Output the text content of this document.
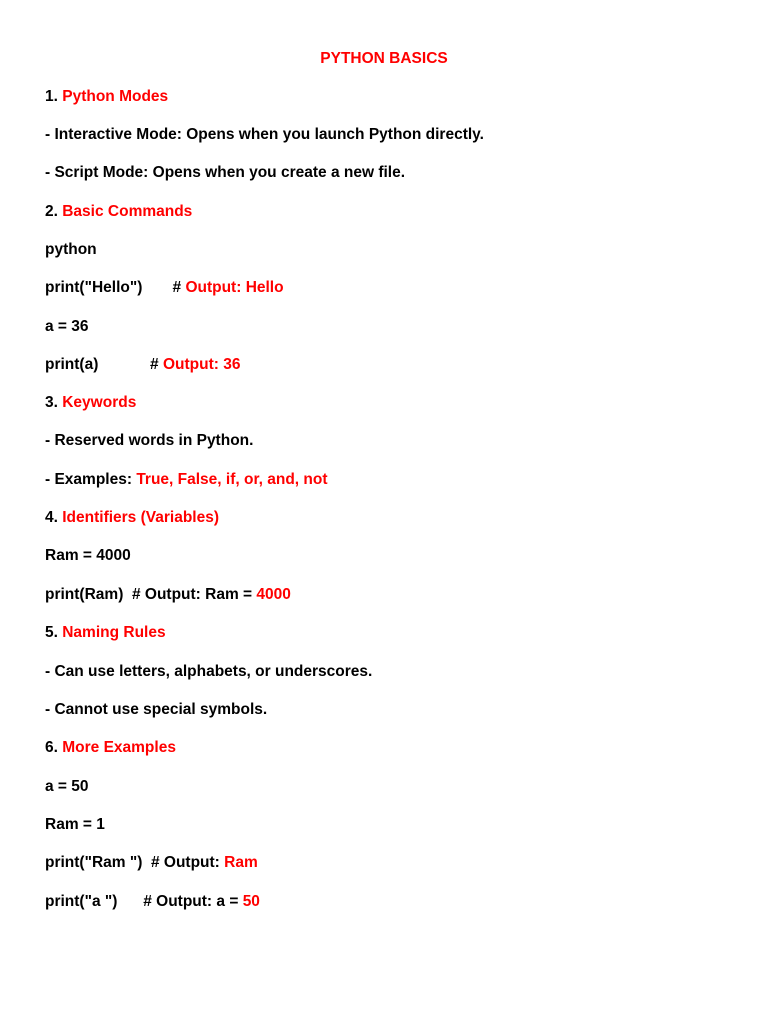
PYTHON BASICS
1. Python Modes
- Interactive Mode: Opens when you launch Python directly.
- Script Mode: Opens when you create a new file.
2. Basic Commands
python
print("Hello")       # Output: Hello
a = 36
print(a)            # Output: 36
3. Keywords
- Reserved words in Python.
- Examples: True, False, if, or, and, not
4. Identifiers (Variables)
Ram = 4000
print(Ram)  # Output: Ram = 4000
5. Naming Rules
- Can use letters, alphabets, or underscores.
- Cannot use special symbols.
6. More Examples
a = 50
Ram = 1
print("Ram ")  # Output: Ram
print("a ")      # Output: a = 50
